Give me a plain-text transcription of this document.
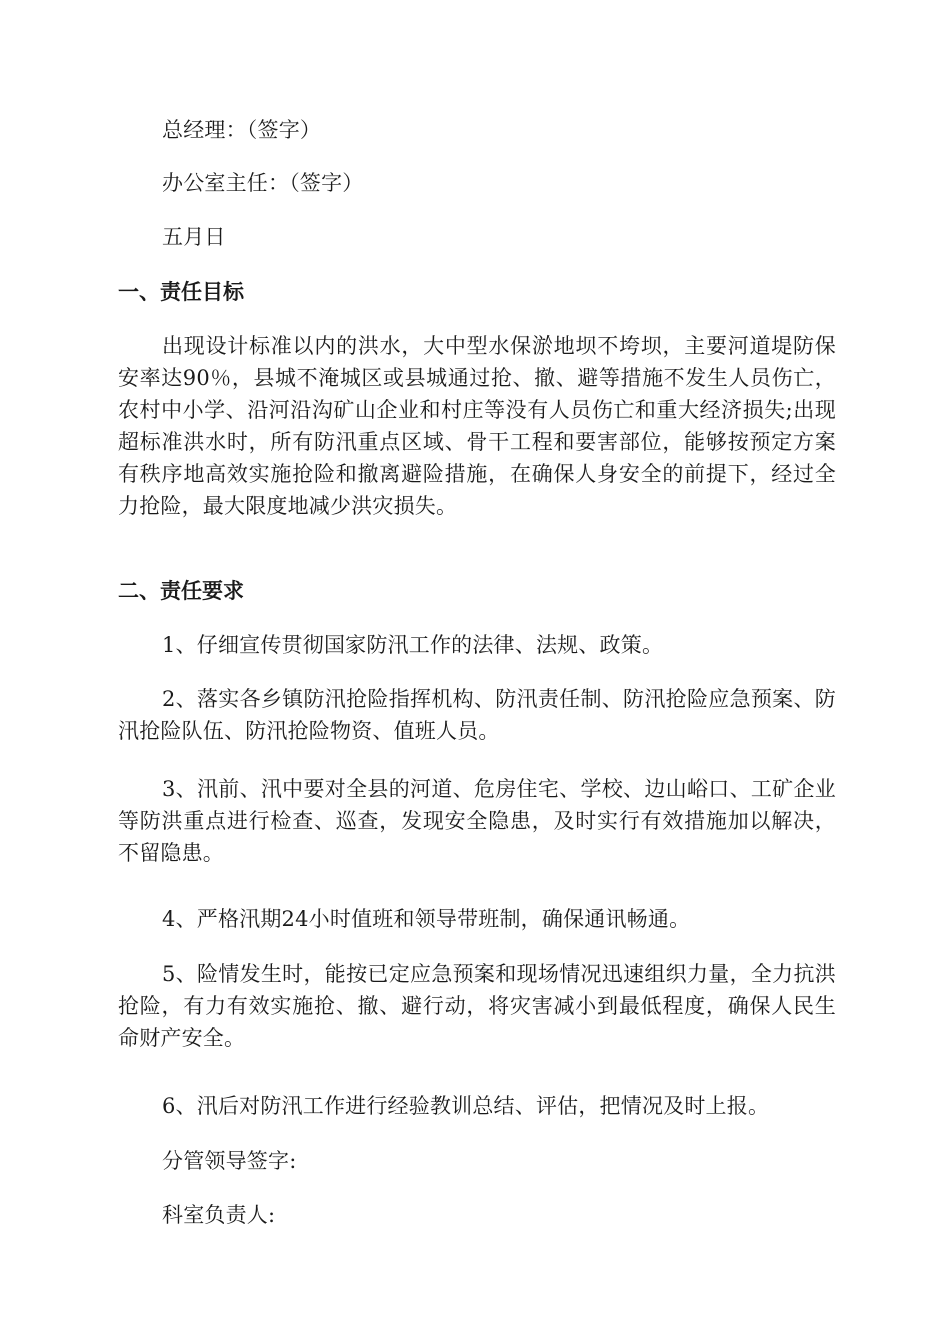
总经理：（签字）

办公室主任：（签字）

五月日

一、责任目标

出现设计标准以内的洪水，大中型水保淤地坝不垮坝，主要河道堤防保安率达90％，县城不淹城区或县城通过抢、撤、避等措施不发生人员伤亡，农村中小学、沿河沿沟矿山企业和村庄等没有人员伤亡和重大经济损失;出现超标准洪水时，所有防汛重点区域、骨干工程和要害部位，能够按预定方案有秩序地高效实施抢险和撤离避险措施，在确保人身安全的前提下，经过全力抢险，最大限度地减少洪灾损失。

二、责任要求

1、仔细宣传贯彻国家防汛工作的法律、法规、政策。

2、落实各乡镇防汛抢险指挥机构、防汛责任制、防汛抢险应急预案、防汛抢险队伍、防汛抢险物资、值班人员。

3、汛前、汛中要对全县的河道、危房住宅、学校、边山峪口、工矿企业等防洪重点进行检查、巡查，发现安全隐患，及时实行有效措施加以解决，不留隐患。

4、严格汛期24小时值班和领导带班制，确保通讯畅通。

5、险情发生时，能按已定应急预案和现场情况迅速组织力量，全力抗洪抢险，有力有效实施抢、撤、避行动，将灾害减小到最低程度，确保人民生命财产安全。

6、汛后对防汛工作进行经验教训总结、评估，把情况及时上报。

分管领导签字:

科室负责人:
